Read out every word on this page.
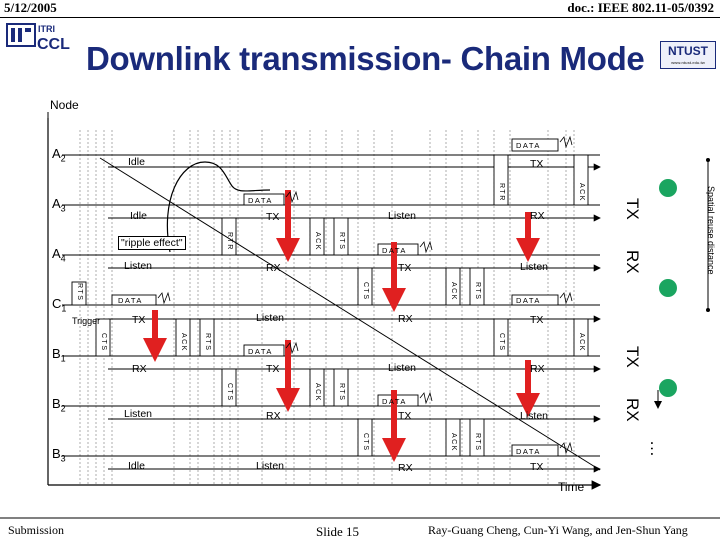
5/12/2005	doc.: IEEE 802.11-05/0392
ITRI
CCL	NTUST
www.ntust.edu.tw
Downlink transmission- Chain Mode
Node
Time
$A_2$
$A_3$
$A_4$
$C_1$
$B_1$
$B_2$
$B_3$
Idle	TX
Idle	TX	Listen	RX
"ripple effect"
Listen	RX	TX	Listen
Trigger	TX	Listen	RX	TX
RX	TX	Listen	RX
Listen	RX	TX	Listen
Idle	Listen	RX	TX
DATA
DATA
DATA
DATA	DATA
DATA
DATA
DATA
RTR	ACK
RTR	ACK RTS
CTS	ACK RTS
RTS
CTS	ACK RTS	CTS	ACK
CTS	ACK RTS
CTS	ACK RTS
TX
RX
TX
RX
…
Spatial reuse distance
Submission	Slide 15	Ray-Guang Cheng, Cun-Yi Wang, and Jen-Shun Yang
